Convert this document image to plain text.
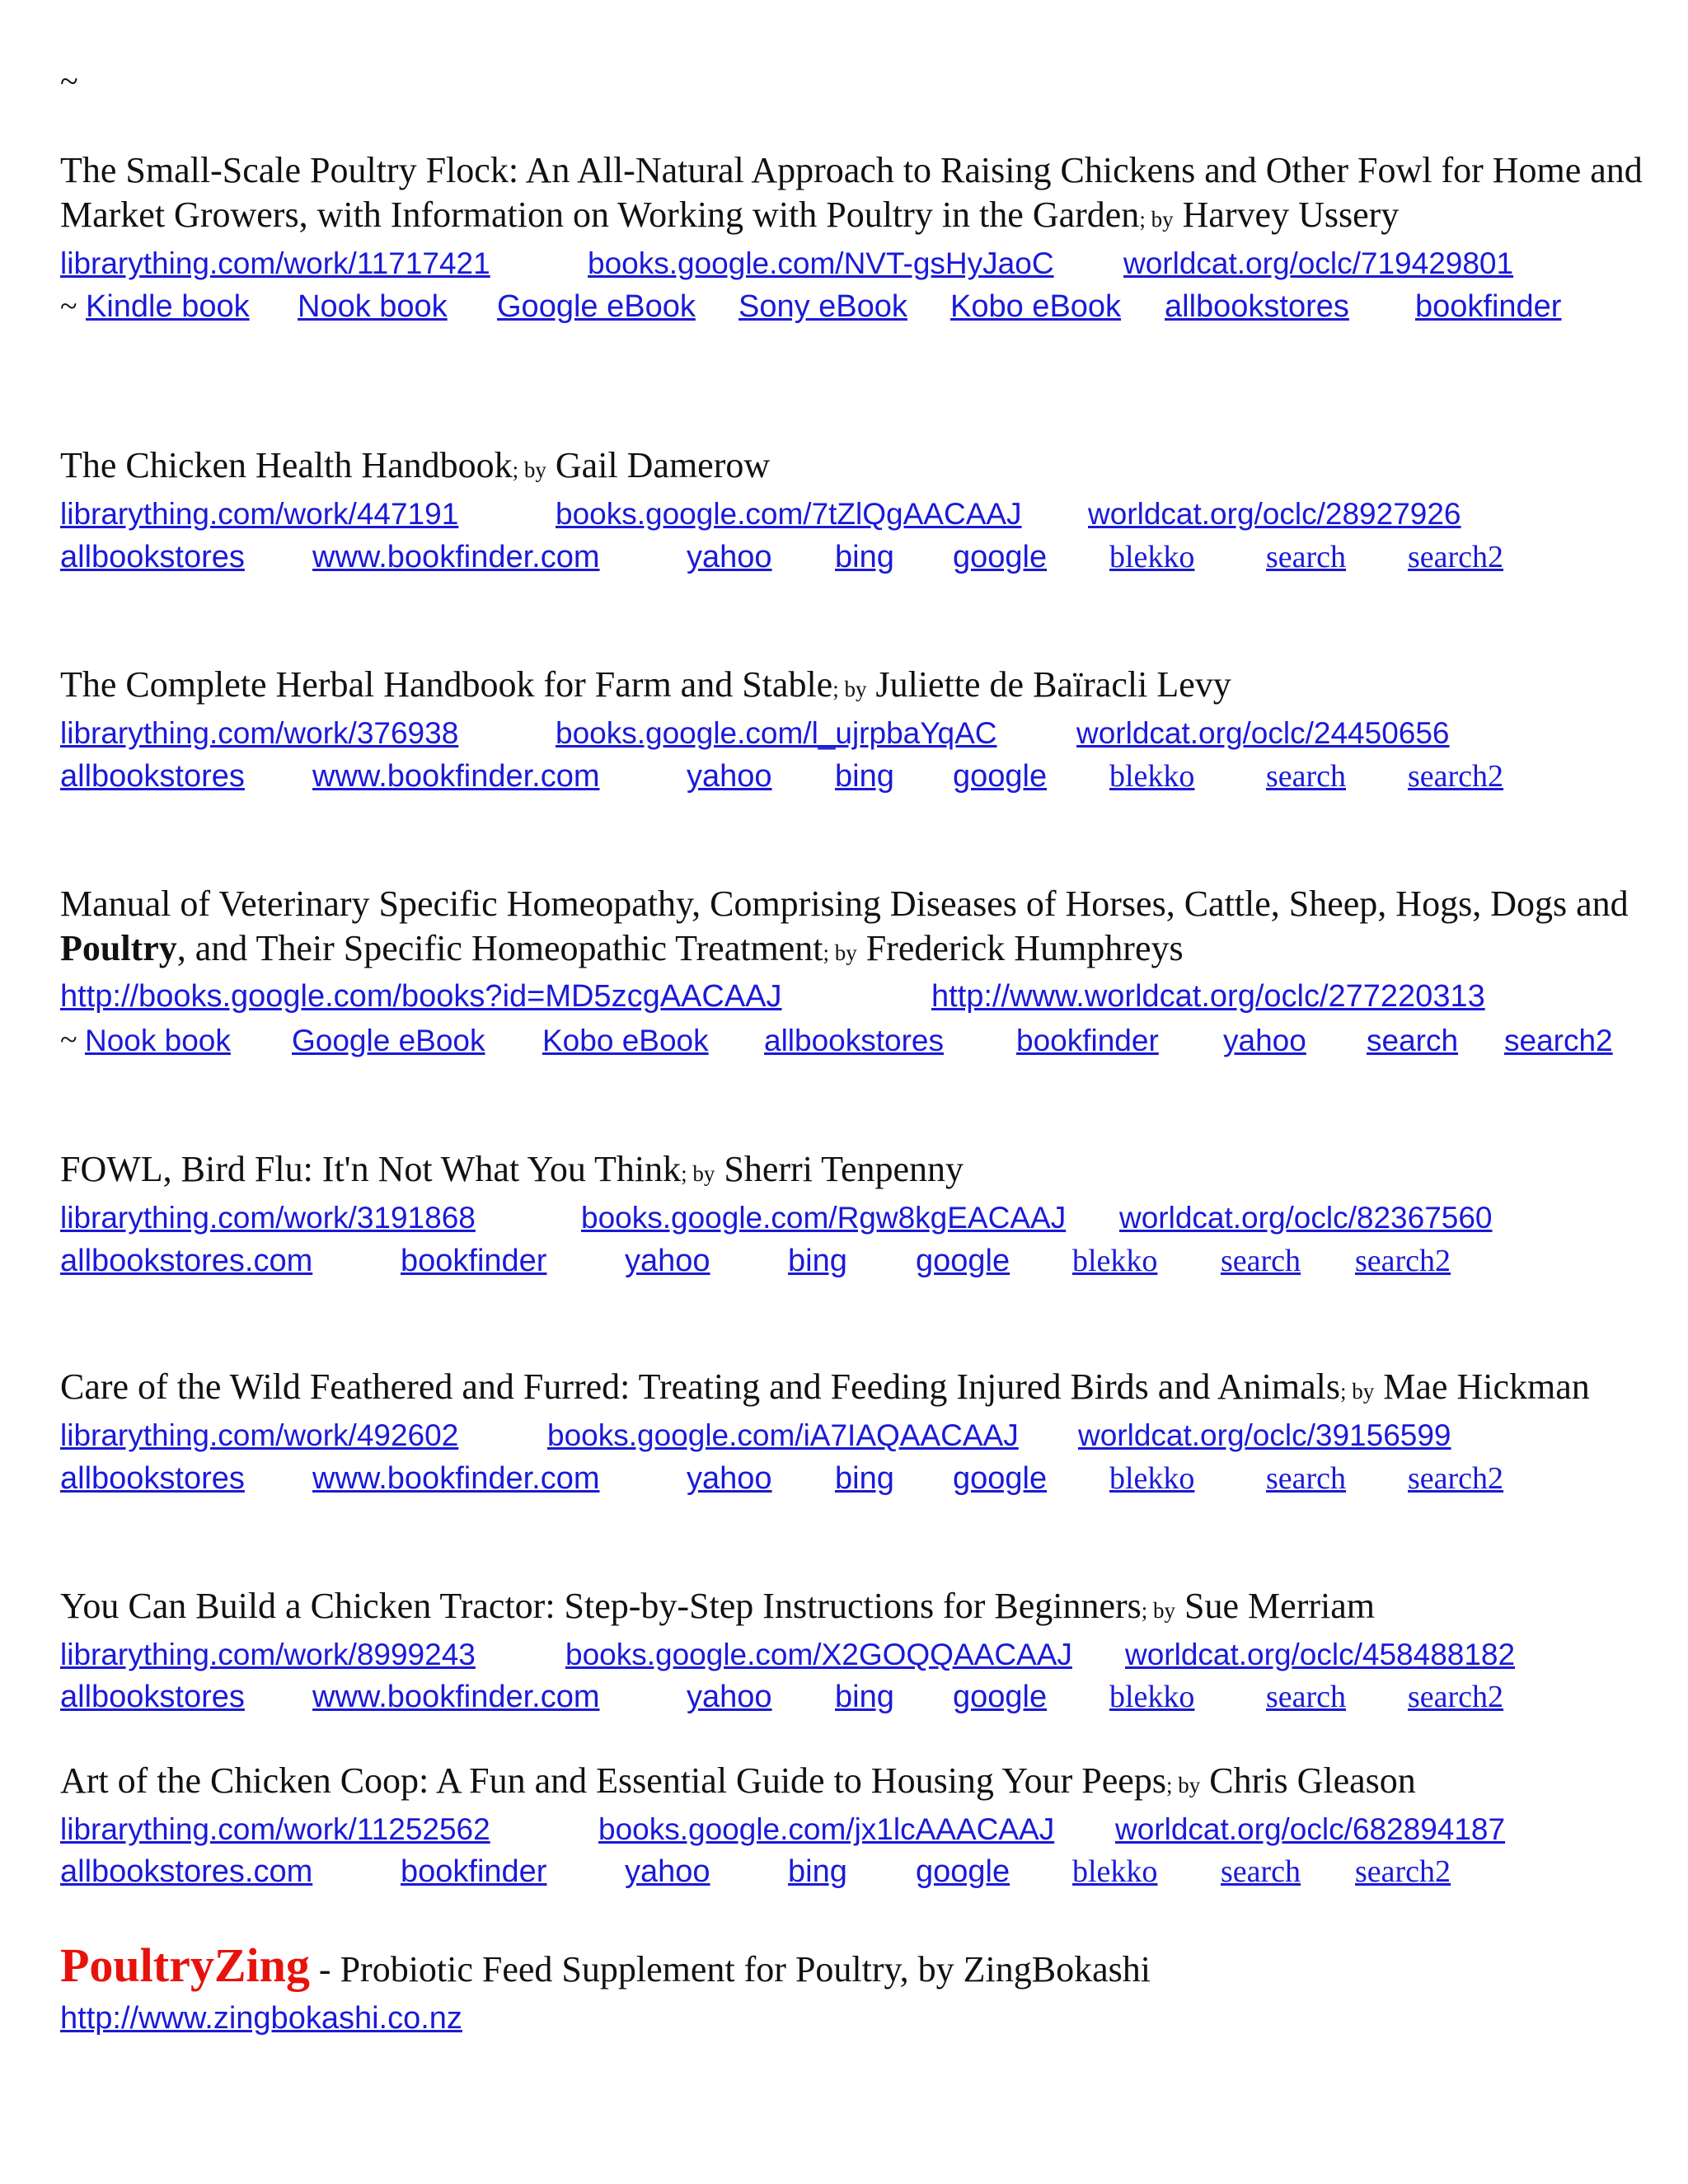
~

The Small-Scale Poultry Flock: An All-Natural Approach to Raising Chickens and Other Fowl for Home and Market Growers, with Information on Working with Poultry in the Garden; by Harvey Ussery

librarything.com/work/11717421	books.google.com/NVT-gsHyJaoC worldcat.org/oclc/719429801
~ Kindle book Nook book Google eBook Sony eBook Kobo eBook allbookstores bookfinder

The Chicken Health Handbook; by Gail Damerow

librarything.com/work/447191	books.google.com/7tZlQgAACAAJ worldcat.org/oclc/28927926
allbookstores www.bookfinder.com	yahoo bing google blekko search search2

The Complete Herbal Handbook for Farm and Stable; by Juliette de Baïracli Levy

librarything.com/work/376938	books.google.com/l_ujrpbaYqAC	worldcat.org/oclc/24450656
allbookstores www.bookfinder.com	yahoo bing google blekko search search2

Manual of Veterinary Specific Homeopathy, Comprising Diseases of Horses, Cattle, Sheep, Hogs, Dogs and Poultry, and Their Specific Homeopathic Treatment; by Frederick Humphreys

http://books.google.com/books?id=MD5zcgAACAAJ	http://www.worldcat.org/oclc/277220313
~ Nook book Google eBook Kobo eBook allbookstores bookfinder yahoo search search2

FOWL, Bird Flu: It'n Not What You Think; by Sherri Tenpenny

librarything.com/work/3191868	books.google.com/Rgw8kgEACAAJ worldcat.org/oclc/82367560
allbookstores.com	bookfinder yahoo bing google blekko search search2

Care of the Wild Feathered and Furred: Treating and Feeding Injured Birds and Animals; by Mae Hickman

librarything.com/work/492602	books.google.com/iA7IAQAACAAJ worldcat.org/oclc/39156599
allbookstores www.bookfinder.com	yahoo bing google blekko search search2

You Can Build a Chicken Tractor: Step-by-Step Instructions for Beginners; by Sue Merriam

librarything.com/work/8999243	books.google.com/X2GOQQAACAAJ worldcat.org/oclc/458488182
allbookstores www.bookfinder.com	yahoo bing google blekko search search2

Art of the Chicken Coop: A Fun and Essential Guide to Housing Your Peeps; by Chris Gleason

librarything.com/work/11252562	books.google.com/jx1lcAAACAAJ worldcat.org/oclc/682894187
allbookstores.com	bookfinder yahoo bing google blekko search search2

PoultryZing - Probiotic Feed Supplement for Poultry, by ZingBokashi

http://www.zingbokashi.co.nz
